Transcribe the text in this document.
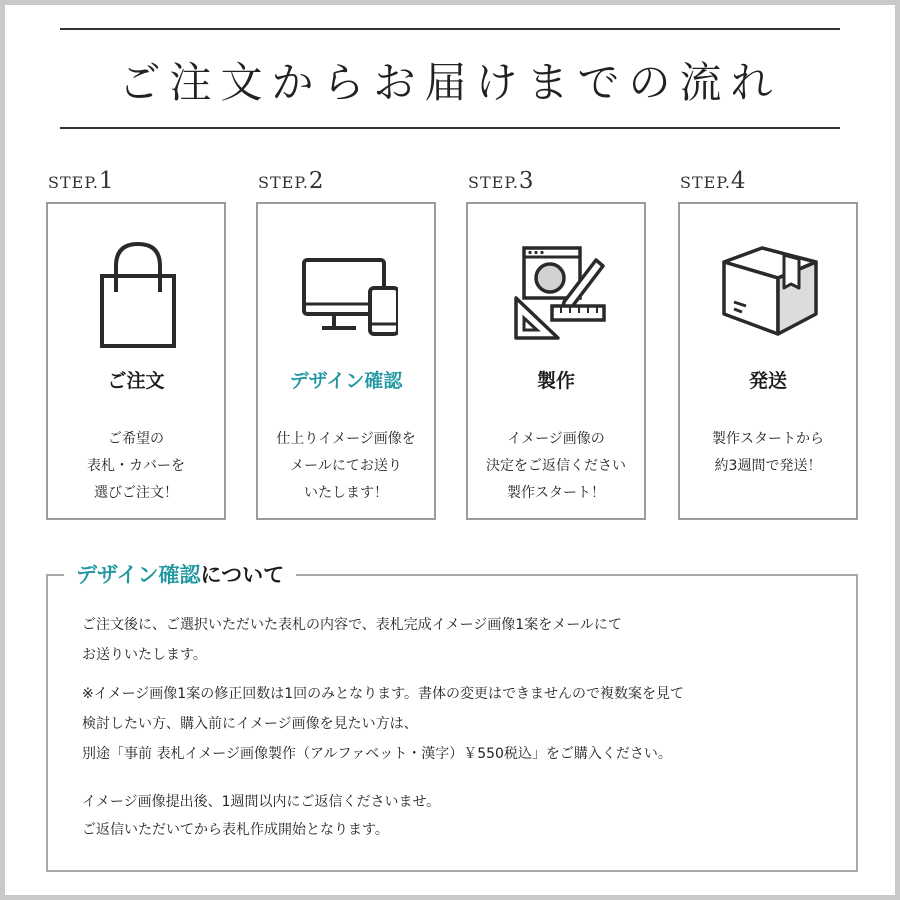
ご注文からお届けまでの流れ
STEP.1
ご注文
ご希望の
表札・カバーを
選びご注文！
STEP.2
デザイン確認
仕上りイメージ画像を
メールにてお送り
いたします！
STEP.3
製作
イメージ画像の
決定をご返信ください
製作スタート！
STEP.4
発送
製作スタートから
約3週間で発送！
デザイン確認 について
ご注文後に、ご選択いただいた表札の内容で、表札完成イメージ画像1案をメールにて
お送りいたします。
※イメージ画像1案の修正回数は1回のみとなります。書体の変更はできませんので複数案を見て
検討したい方、購入前にイメージ画像を見たい方は、
別途「事前 表札イメージ画像製作（アルファベット・漢字）￥550税込」をご購入ください。
イメージ画像提出後、1週間以内にご返信くださいませ。
ご返信いただいてから表札作成開始となります。
